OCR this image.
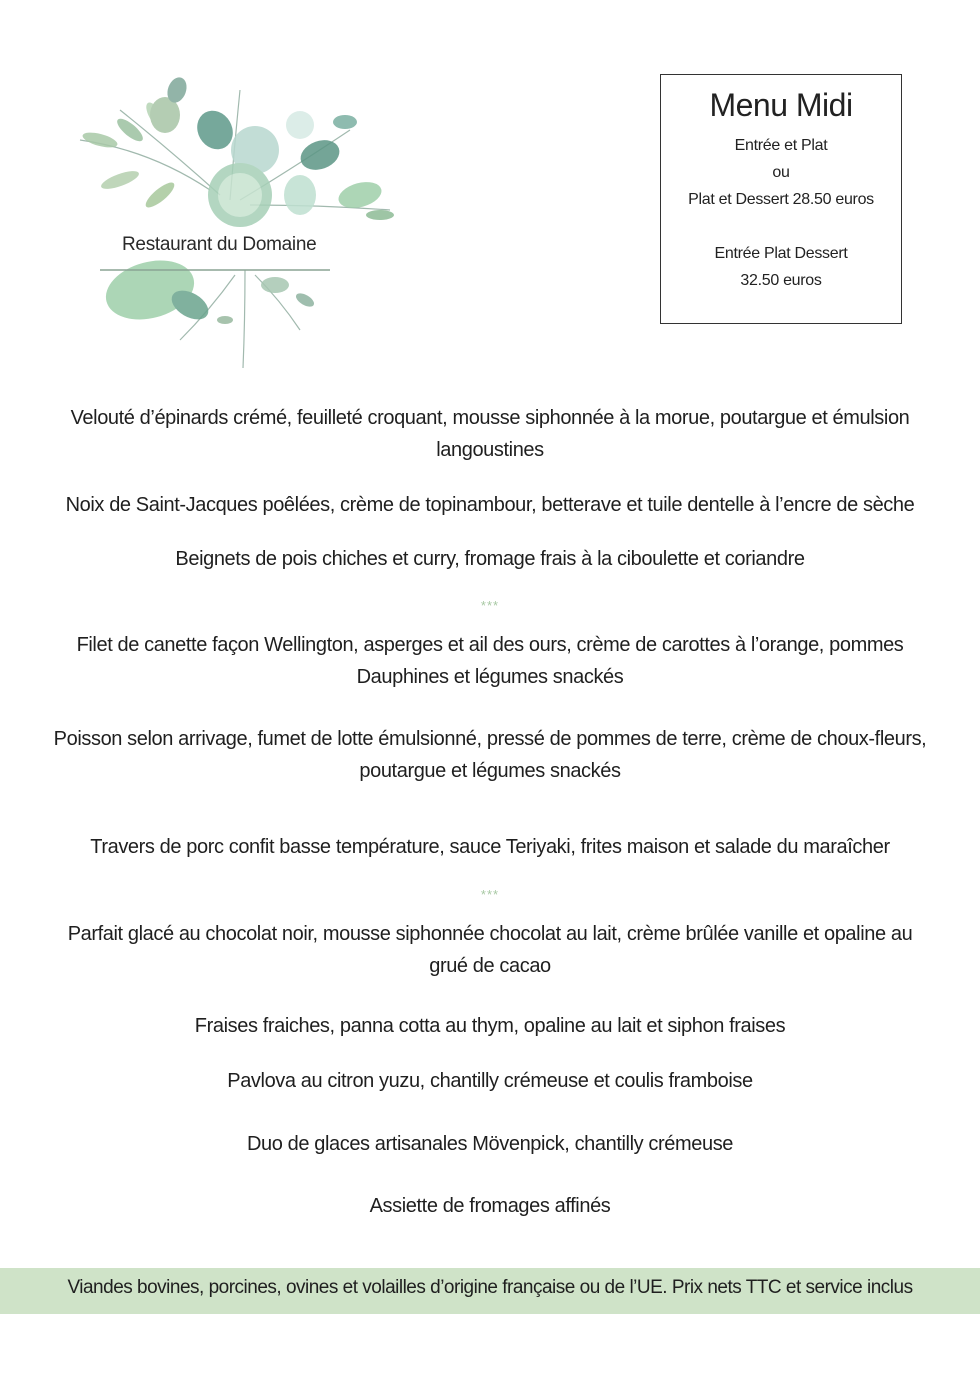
Restaurant du Domaine
Menu Midi
Entrée et Plat
ou
Plat et Dessert 28.50 euros
Entrée Plat Dessert
32.50 euros
Velouté d’épinards crémé, feuilleté croquant, mousse siphonnée à la morue, poutargue et émulsion
langoustines
Noix de Saint-Jacques poêlées, crème de topinambour, betterave et tuile dentelle à l’encre de sèche
Beignets de pois chiches et curry, fromage frais à la ciboulette et coriandre
***
Filet de canette façon Wellington, asperges et ail des ours, crème de carottes à l’orange, pommes
Dauphines et légumes snackés
Poisson selon arrivage, fumet de lotte émulsionné, pressé de pommes de terre, crème de choux-fleurs,
poutargue et légumes snackés
Travers de porc confit basse température, sauce Teriyaki, frites maison et salade du maraîcher
***
Parfait glacé au chocolat noir, mousse siphonnée chocolat au lait, crème brûlée vanille et opaline au
grué de cacao
Fraises fraiches, panna cotta au thym, opaline au lait et siphon fraises
Pavlova au citron yuzu, chantilly crémeuse et coulis framboise
Duo de glaces artisanales Mövenpick, chantilly crémeuse
Assiette de fromages affinés
Viandes bovines, porcines, ovines et volailles d’origine française ou de l’UE. Prix nets TTC et service inclus
